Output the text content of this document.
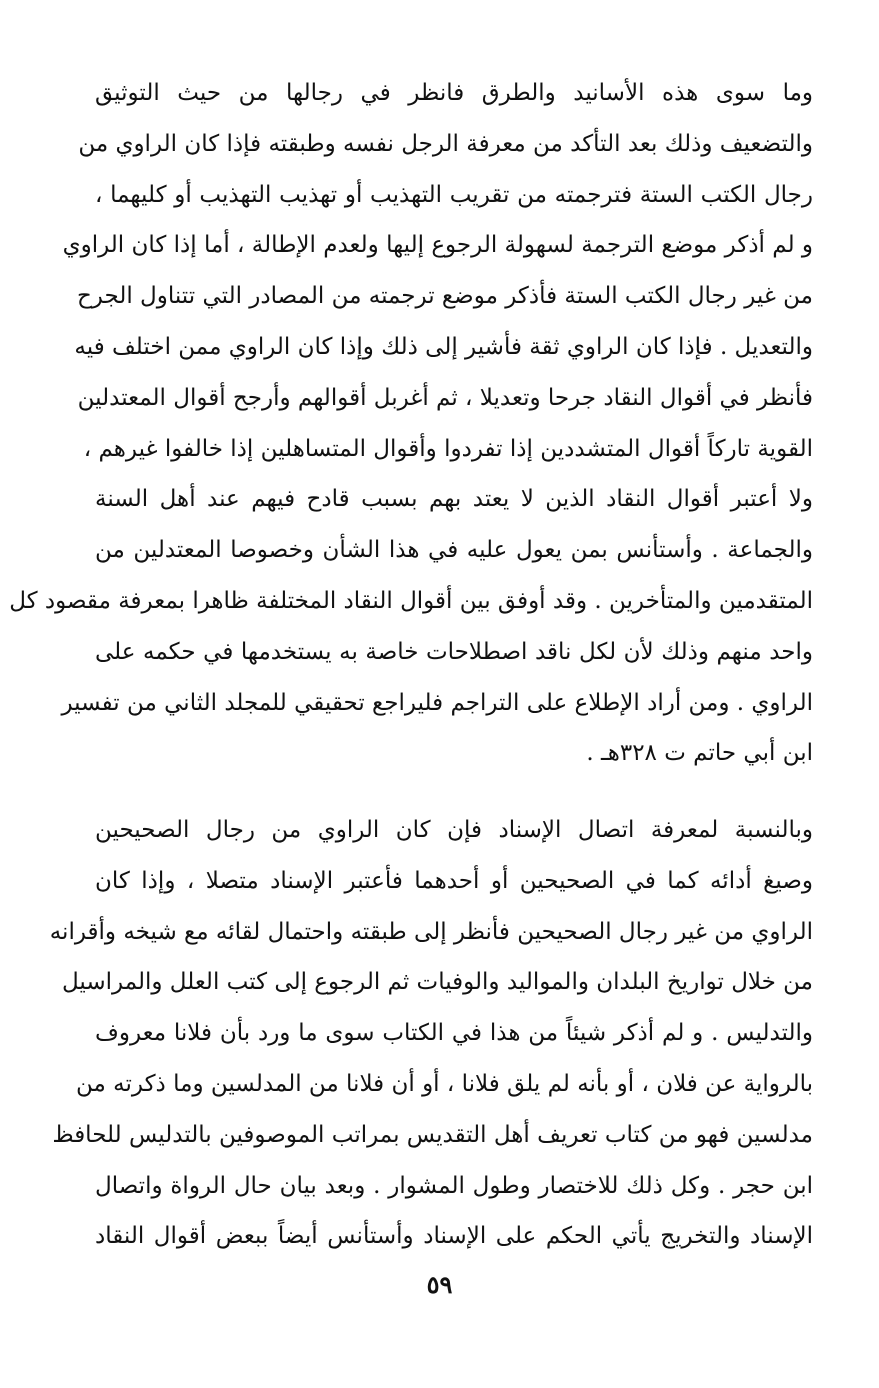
وما سوى هذه الأسانيد والطرق فانظر في رجالها من حيث التوثيق
والتضعيف وذلك بعد التأكد من معرفة الرجل نفسه وطبقته فإذا كان الراوي من
رجال الكتب الستة فترجمته من تقريب التهذيب أو تهذيب التهذيب أو كليهما ،
و لم أذكر موضع الترجمة لسهولة الرجوع إليها ولعدم الإطالة ، أما إذا كان الراوي
من غير رجال الكتب الستة فأذكر موضع ترجمته من المصادر التي تتناول الجرح
والتعديل . فإذا كان الراوي ثقة فأشير إلى ذلك وإذا كان الراوي ممن اختلف فيه
فأنظر في أقوال النقاد جرحا وتعديلا ، ثم أغربل أقوالهم وأرجح أقوال المعتدلين
القوية تاركاً أقوال المتشددين إذا تفردوا وأقوال المتساهلين إذا خالفوا غيرهم ،
ولا أعتبر أقوال النقاد الذين لا يعتد بهم بسبب قادح فيهم عند أهل السنة
والجماعة . وأستأنس بمن يعول عليه في هذا الشأن وخصوصا المعتدلين من
المتقدمين والمتأخرين . وقد أوفق بين أقوال النقاد المختلفة ظاهرا بمعرفة مقصود كل
واحد منهم وذلك لأن لكل ناقد اصطلاحات خاصة به يستخدمها في حكمه على
الراوي . ومن أراد الإطلاع على التراجم فليراجع تحقيقي للمجلد الثاني من تفسير
ابن أبي حاتم ت ٣٢٨هـ .
وبالنسبة لمعرفة اتصال الإسناد فإن كان الراوي من رجال الصحيحين
وصيغ أدائه كما في الصحيحين أو أحدهما فأعتبر الإسناد متصلا ، وإذا كان
الراوي من غير رجال الصحيحين فأنظر إلى طبقته واحتمال لقائه مع شيخه وأقرانه
من خلال تواريخ البلدان والمواليد والوفيات ثم الرجوع إلى كتب العلل والمراسيل
والتدليس . و لم أذكر شيئاً من هذا في الكتاب سوى ما ورد بأن فلانا معروف
بالرواية عن فلان ، أو بأنه لم يلق فلانا ، أو أن فلانا من المدلسين وما ذكرته من
مدلسين فهو من كتاب تعريف أهل التقديس بمراتب الموصوفين بالتدليس للحافظ
ابن حجر . وكل ذلك للاختصار وطول المشوار . وبعد بيان حال الرواة واتصال
الإسناد والتخريج يأتي الحكم على الإسناد وأستأنس أيضاً ببعض أقوال النقاد
٥٩
